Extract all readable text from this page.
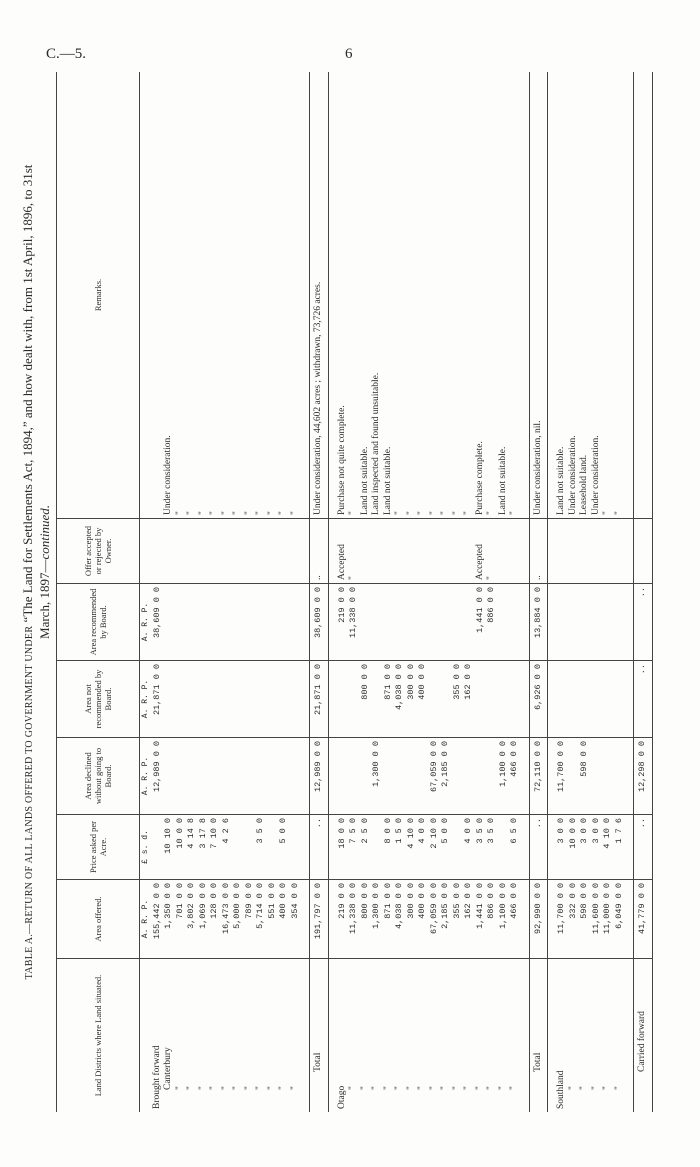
C.—5.	6
TABLE A.—RETURN OF ALL LANDS OFFERED TO GOVERNMENT UNDER “The Land for Settlements Act, 1894,” and how dealt with, from 1st April, 1896, to 31st March, 1897—continued.
Land Districts where Land situated.	Area offered.	Price asked per Acre.	Area declined without going to Board.	Area not recommended by Board.	Area recommended by Board.	Offer accepted or rejected by Owner.	Remarks.
	A. R. P.	£ s. d.	A. R. P.	A. R. P.	A. R. P.		
Brought forward	155,442 0 0		12,989 0 0	21,871 0 0	38,609 0 0		
Canterbury	1,350 0 0	10 10 0					Under consideration.
"	701 0 0	10 0 0					"
"	3,802 0 0	4 14 8					"
"	1,069 0 0	3 17 8					"
"	128 0 0	7 10 0					"
"	16,473 0 0	4 2 6					"
"	5,000 0 0						"
"	789 0 0						"
"	5,714 0 0	3 5 0					"
"	551 0 0						"
"	400 0 0	5 0 0					"
"	354 0 0						"

Total	191,797 0 0	..	12,989 0 0	21,871 0 0	38,609 0 0	..	Under consideration, 44,602 acres ; withdrawn, 73,726 acres.

Otago	219 0 0	18 0 0			219 0 0	Accepted	Purchase not quite complete.
"	11,338 0 0	7 5 0			11,338 0 0	"	"
"	800 0 0	2 5 0		800 0 0			Land not suitable.
"	1,300 0 0		1,300 0 0				Land inspected and found unsuitable.
"	871 0 0	8 0 0		871 0 0			Land not suitable.
"	4,038 0 0	1 5 0		4,038 0 0			"
"	300 0 0	4 10 0		300 0 0			"
"	400 0 0	4 0 0		400 0 0			"
"	67,059 0 0	2 10 0	67,059 0 0				"
"	2,185 0 0	5 0 0	2,185 0 0				"
"	355 0 0			355 0 0			"
"	162 0 0	4 0 0		162 0 0			"
"	1,441 0 0	3 5 0			1,441 0 0	Accepted	Purchase complete.
"	886 0 0	3 5 0			886 0 0	"	"
"	1,100 0 0		1,100 0 0				Land not suitable.
"	466 0 0	6 5 0	466 0 0				"

Total	92,990 0 0	..	72,110 0 0	6,926 0 0	13,884 0 0	..	Under consideration, nil.

Southland	11,700 0 0	3 0 0	11,700 0 0				Land not suitable.
"	332 0 0	10 0 0					Under consideration.
"	598 0 0	3 0 0	598 0 0				Leasehold land.
"	11,600 0 0	3 0 0					Under consideration.
"	11,000 0 0	4 10 0					"
"	6,049 0 0	1 7 6					"

Carried forward	41,779 0 0	..	12,298 0 0	..	..		
